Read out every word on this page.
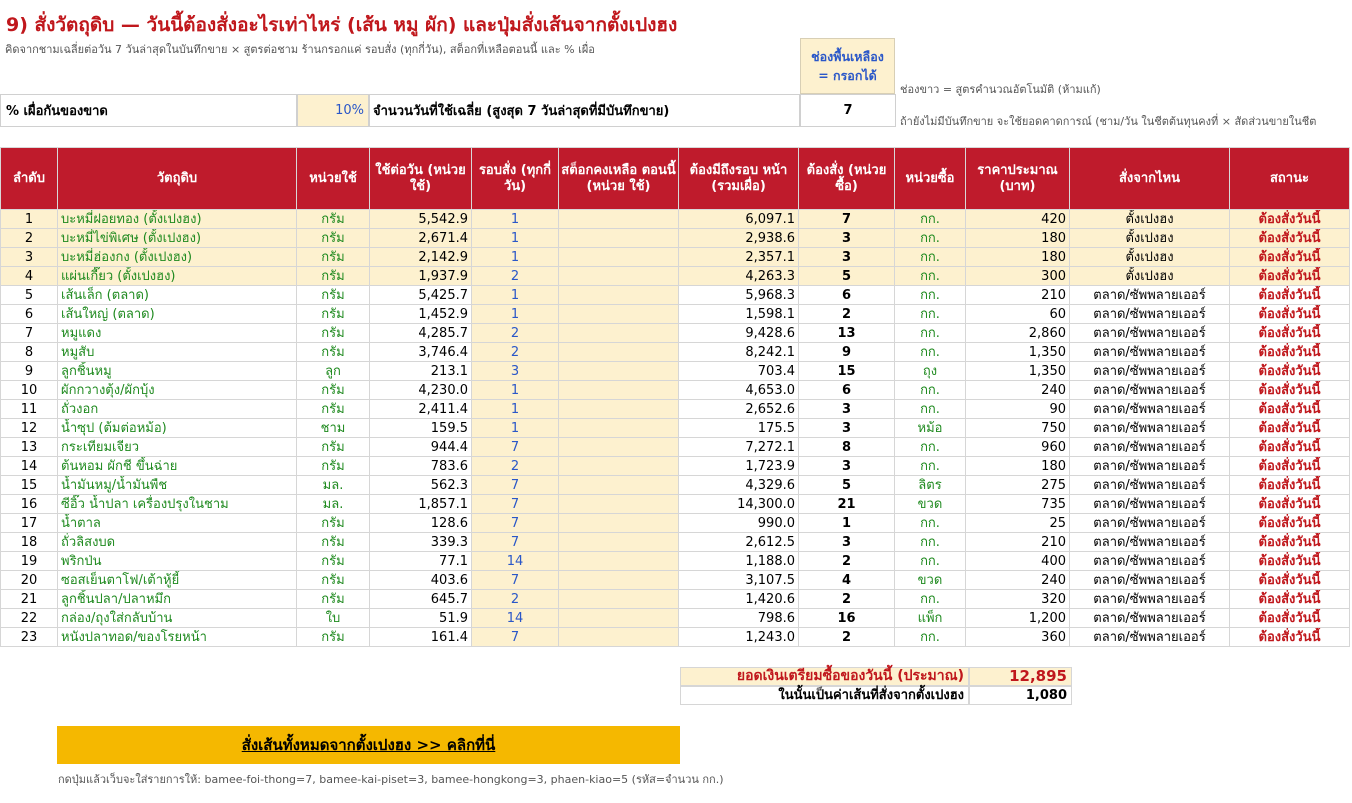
9) สั่งวัตถุดิบ — วันนี้ต้องสั่งอะไรเท่าไหร่ (เส้น หมู ผัก) และปุ่มสั่งเส้นจากตั้งเปงฮง
คิดจากชามเฉลี่ยต่อวัน 7 วันล่าสุดในบันทึกขาย × สูตรต่อชาม ร้านกรอกแค่ รอบสั่ง (ทุกกี่วัน), สต็อกที่เหลือตอนนี้ และ % เผื่อ	ช่องพื้นเหลือง
= กรอกได้
ช่องขาว = สูตรคำนวณอัตโนมัติ (ห้ามแก้)
% เผื่อกันของขาด	10% จำนวนวันที่ใช้เฉลี่ย (สูงสุด 7 วันล่าสุดที่มีบันทึกขาย)	7
ถ้ายังไม่มีบันทึกขาย จะใช้ยอดคาดการณ์ (ชาม/วัน ในชีตต้นทุนคงที่ × สัดส่วนขายในชีต
ลำดับ	วัตถุดิบ	หน่วยใช้	ใช้ต่อวัน (หน่วยใช้)	รอบสั่ง (ทุกกี่วัน)	สต็อกคงเหลือ ตอนนี้ (หน่วย ใช้)	ต้องมีถึงรอบ หน้า (รวมเผื่อ)	ต้องสั่ง (หน่วยซื้อ)	หน่วยซื้อ	ราคาประมาณ (บาท)	สั่งจากไหน	สถานะ
1	บะหมี่ฝอยทอง (ตั้งเปงฮง)	กรัม	5,542.9	1		6,097.1	7	กก.	420	ตั้งเปงฮง	ต้องสั่งวันนี้
2	บะหมี่ไข่พิเศษ (ตั้งเปงฮง)	กรัม	2,671.4	1		2,938.6	3	กก.	180	ตั้งเปงฮง	ต้องสั่งวันนี้
3	บะหมี่ฮ่องกง (ตั้งเปงฮง)	กรัม	2,142.9	1		2,357.1	3	กก.	180	ตั้งเปงฮง	ต้องสั่งวันนี้
4	แผ่นเกี๊ยว (ตั้งเปงฮง)	กรัม	1,937.9	2		4,263.3	5	กก.	300	ตั้งเปงฮง	ต้องสั่งวันนี้
5	เส้นเล็ก (ตลาด)	กรัม	5,425.7	1		5,968.3	6	กก.	210	ตลาด/ซัพพลายเออร์	ต้องสั่งวันนี้
6	เส้นใหญ่ (ตลาด)	กรัม	1,452.9	1		1,598.1	2	กก.	60	ตลาด/ซัพพลายเออร์	ต้องสั่งวันนี้
7	หมูแดง	กรัม	4,285.7	2		9,428.6	13	กก.	2,860	ตลาด/ซัพพลายเออร์	ต้องสั่งวันนี้
8	หมูสับ	กรัม	3,746.4	2		8,242.1	9	กก.	1,350	ตลาด/ซัพพลายเออร์	ต้องสั่งวันนี้
9	ลูกชิ้นหมู	ลูก	213.1	3		703.4	15	ถุง	1,350	ตลาด/ซัพพลายเออร์	ต้องสั่งวันนี้
10	ผักกวางตุ้ง/ผักบุ้ง	กรัม	4,230.0	1		4,653.0	6	กก.	240	ตลาด/ซัพพลายเออร์	ต้องสั่งวันนี้
11	ถั่วงอก	กรัม	2,411.4	1		2,652.6	3	กก.	90	ตลาด/ซัพพลายเออร์	ต้องสั่งวันนี้
12	น้ำซุป (ต้มต่อหม้อ)	ชาม	159.5	1		175.5	3	หม้อ	750	ตลาด/ซัพพลายเออร์	ต้องสั่งวันนี้
13	กระเทียมเจียว	กรัม	944.4	7		7,272.1	8	กก.	960	ตลาด/ซัพพลายเออร์	ต้องสั่งวันนี้
14	ต้นหอม ผักชี ขึ้นฉ่าย	กรัม	783.6	2		1,723.9	3	กก.	180	ตลาด/ซัพพลายเออร์	ต้องสั่งวันนี้
15	น้ำมันหมู/น้ำมันพืช	มล.	562.3	7		4,329.6	5	ลิตร	275	ตลาด/ซัพพลายเออร์	ต้องสั่งวันนี้
16	ซีอิ๊ว น้ำปลา เครื่องปรุงในชาม	มล.	1,857.1	7		14,300.0	21	ขวด	735	ตลาด/ซัพพลายเออร์	ต้องสั่งวันนี้
17	น้ำตาล	กรัม	128.6	7		990.0	1	กก.	25	ตลาด/ซัพพลายเออร์	ต้องสั่งวันนี้
18	ถั่วลิสงบด	กรัม	339.3	7		2,612.5	3	กก.	210	ตลาด/ซัพพลายเออร์	ต้องสั่งวันนี้
19	พริกป่น	กรัม	77.1	14		1,188.0	2	กก.	400	ตลาด/ซัพพลายเออร์	ต้องสั่งวันนี้
20	ซอสเย็นตาโฟ/เต้าหู้ยี้	กรัม	403.6	7		3,107.5	4	ขวด	240	ตลาด/ซัพพลายเออร์	ต้องสั่งวันนี้
21	ลูกชิ้นปลา/ปลาหมึก	กรัม	645.7	2		1,420.6	2	กก.	320	ตลาด/ซัพพลายเออร์	ต้องสั่งวันนี้
22	กล่อง/ถุงใส่กลับบ้าน	ใบ	51.9	14		798.6	16	แพ็ก	1,200	ตลาด/ซัพพลายเออร์	ต้องสั่งวันนี้
23	หนังปลาทอด/ของโรยหน้า	กรัม	161.4	7		1,243.0	2	กก.	360	ตลาด/ซัพพลายเออร์	ต้องสั่งวันนี้
ยอดเงินเตรียมซื้อของวันนี้ (ประมาณ)	12,895
ในนั้นเป็นค่าเส้นที่สั่งจากตั้งเปงฮง	1,080
สั่งเส้นทั้งหมดจากตั้งเปงฮง >> คลิกที่นี่
กดปุ่มแล้วเว็บจะใส่รายการให้: bamee-foi-thong=7, bamee-kai-piset=3, bamee-hongkong=3, phaen-kiao=5 (รหัส=จำนวน กก.)
